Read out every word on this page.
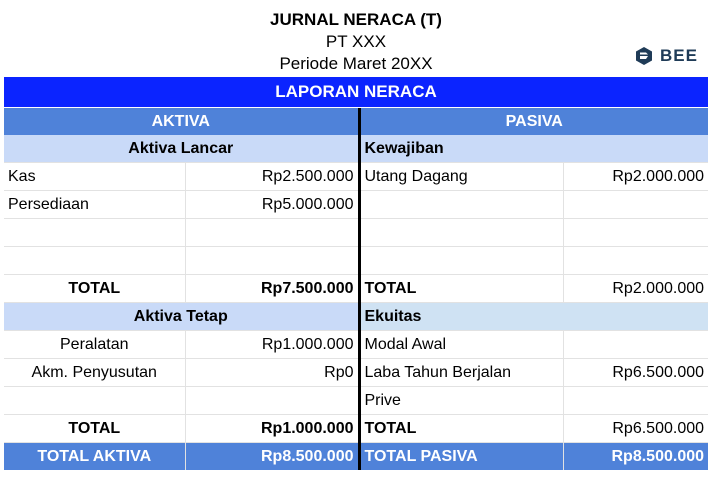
JURNAL NERACA (T)
PT XXX
Periode Maret 20XX	BEE
LAPORAN NERACA
AKTIVA		PASIVA	
Aktiva Lancar		Kewajiban	
Kas	Rp2.500.000	Utang Dagang	Rp2.000.000
Persediaan	Rp5.000.000		

TOTAL	Rp7.500.000	TOTAL	Rp2.000.000
Aktiva Tetap		Ekuitas	
Peralatan	Rp1.000.000	Modal Awal	
Akm. Penyusutan	Rp0	Laba Tahun Berjalan	Rp6.500.000
		Prive	
TOTAL	Rp1.000.000	TOTAL	Rp6.500.000
TOTAL AKTIVA	Rp8.500.000	TOTAL PASIVA	Rp8.500.000
